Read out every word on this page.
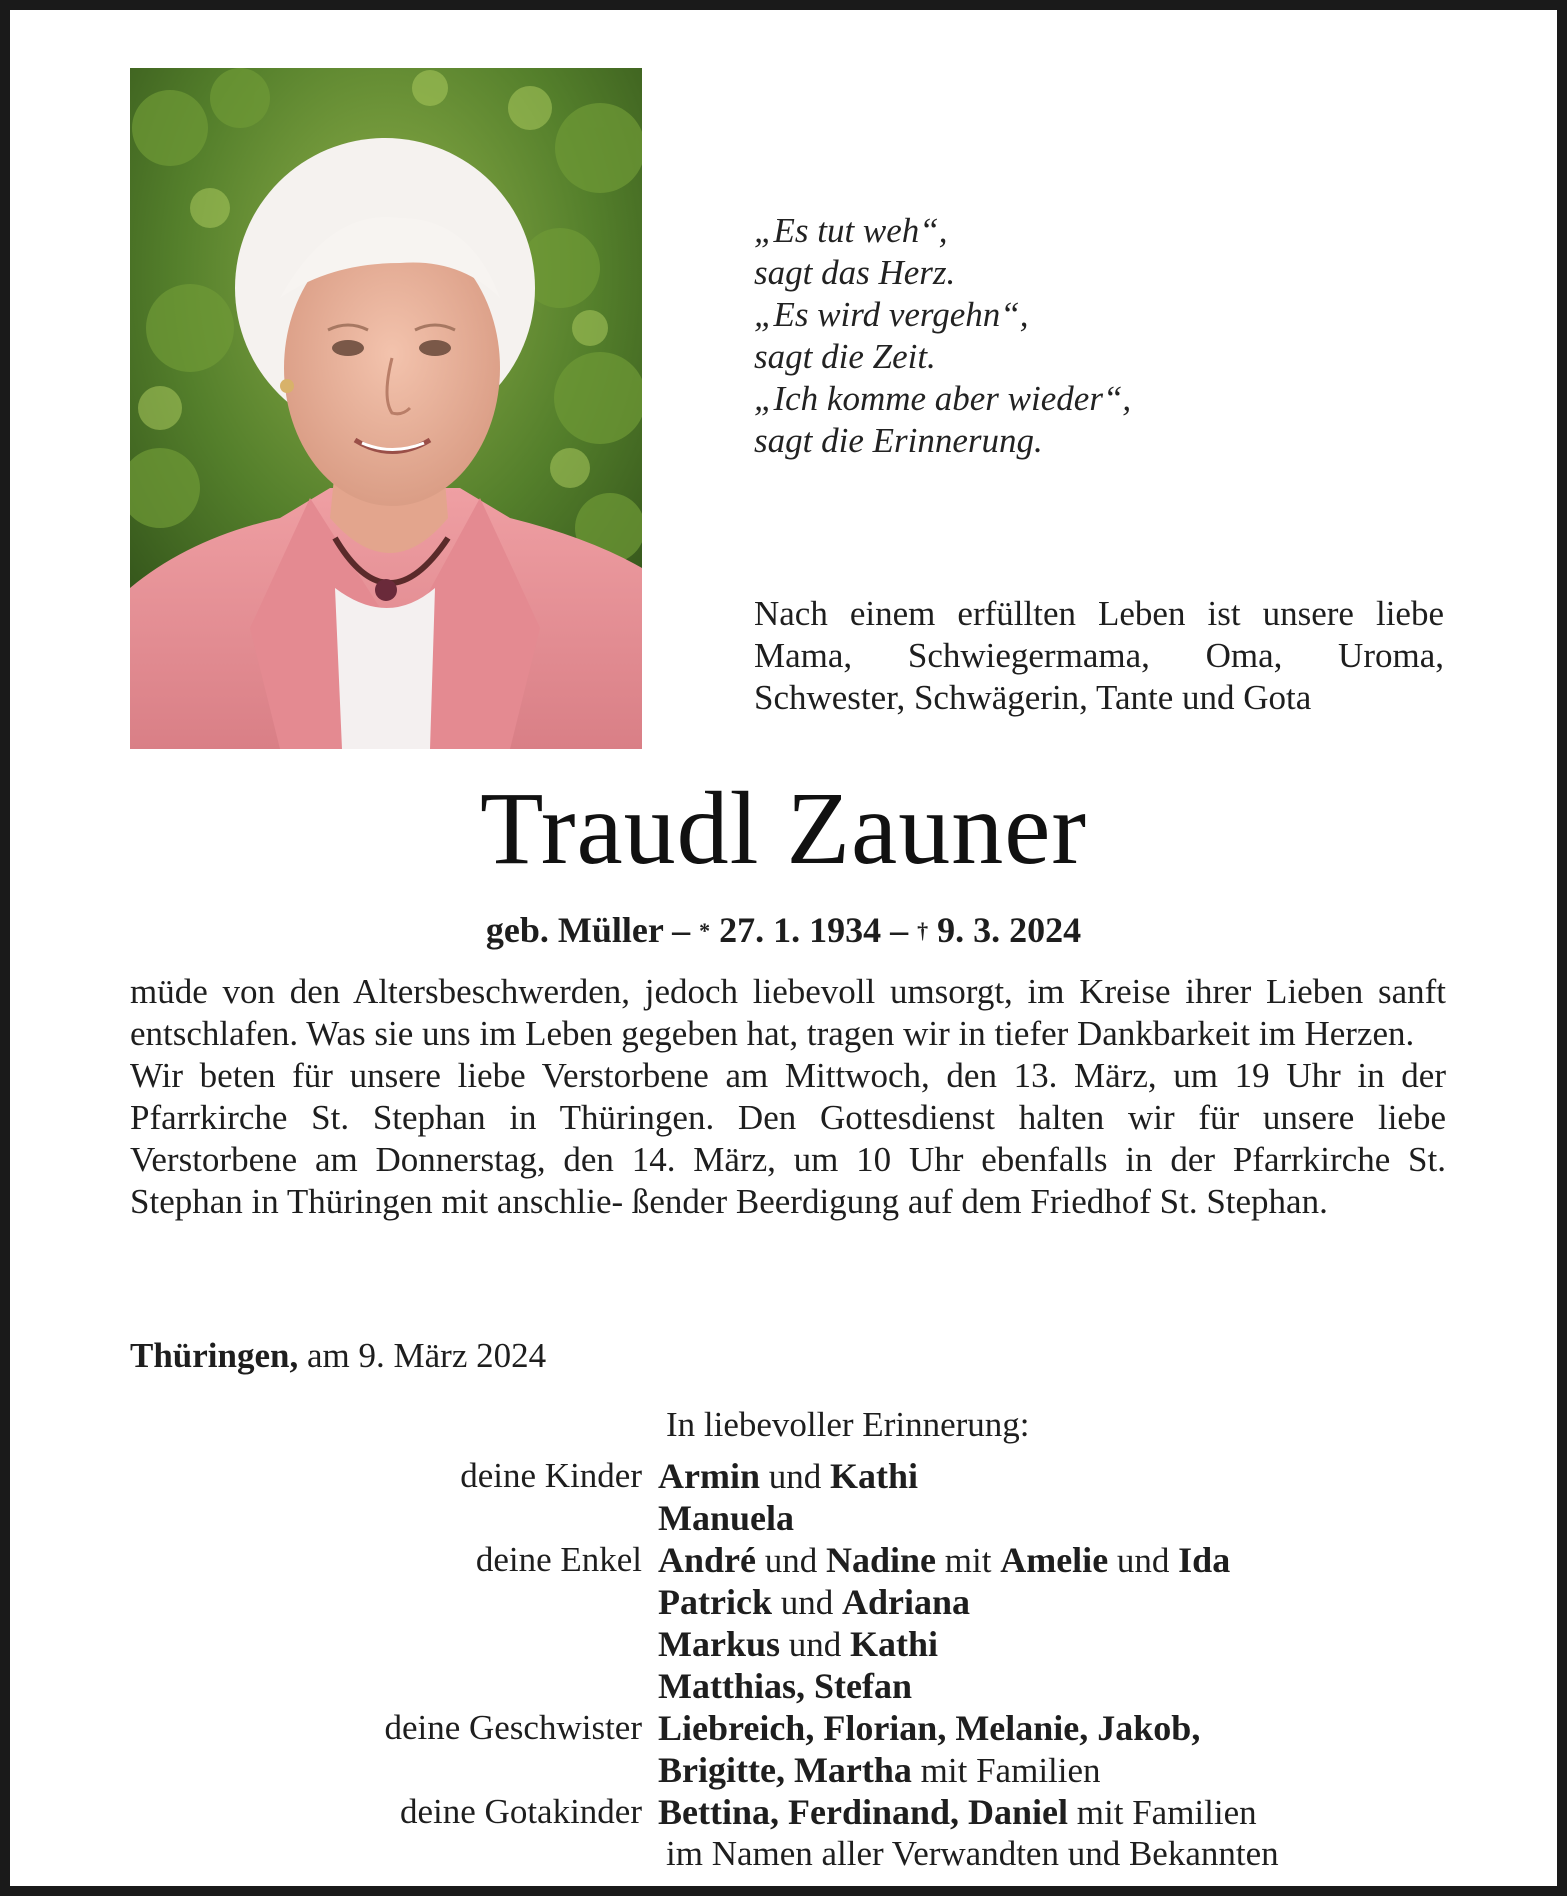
„Es tut weh“,
sagt das Herz.
„Es wird vergehn“,
sagt die Zeit.
„Ich komme aber wieder“,
sagt die Erinnerung.
Nach einem erfüllten Leben ist unsere liebe Mama, Schwiegermama, Oma, Uroma, Schwester, Schwägerin, Tante und Gota
Traudl Zauner
geb. Müller – * 27. 1. 1934 – † 9. 3. 2024

müde von den Altersbeschwerden, jedoch liebevoll umsorgt, im Kreise ihrer Lieben sanft entschlafen. Was sie uns im Leben gegeben hat, tragen wir in tiefer Dankbarkeit im Herzen.

Wir beten für unsere liebe Verstorbene am Mittwoch, den 13. März, um 19 Uhr in der Pfarrkirche St. Stephan in Thüringen. Den Gottesdienst halten wir für unsere liebe Verstorbene am Donnerstag, den 14. März, um 10 Uhr ebenfalls in der Pfarrkirche St. Stephan in Thüringen mit anschlie- ßender Beerdigung auf dem Friedhof St. Stephan.

Thüringen, am 9. März 2024
In liebevoller Erinnerung:
deine Kinder Armin und Kathi
Manuela
deine Enkel André und Nadine mit Amelie und Ida
Patrick und Adriana
Markus und Kathi
Matthias, Stefan
deine Geschwister Liebreich, Florian, Melanie, Jakob,
Brigitte, Martha mit Familien
deine Gotakinder Bettina, Ferdinand, Daniel mit Familien
im Namen aller Verwandten und Bekannten
